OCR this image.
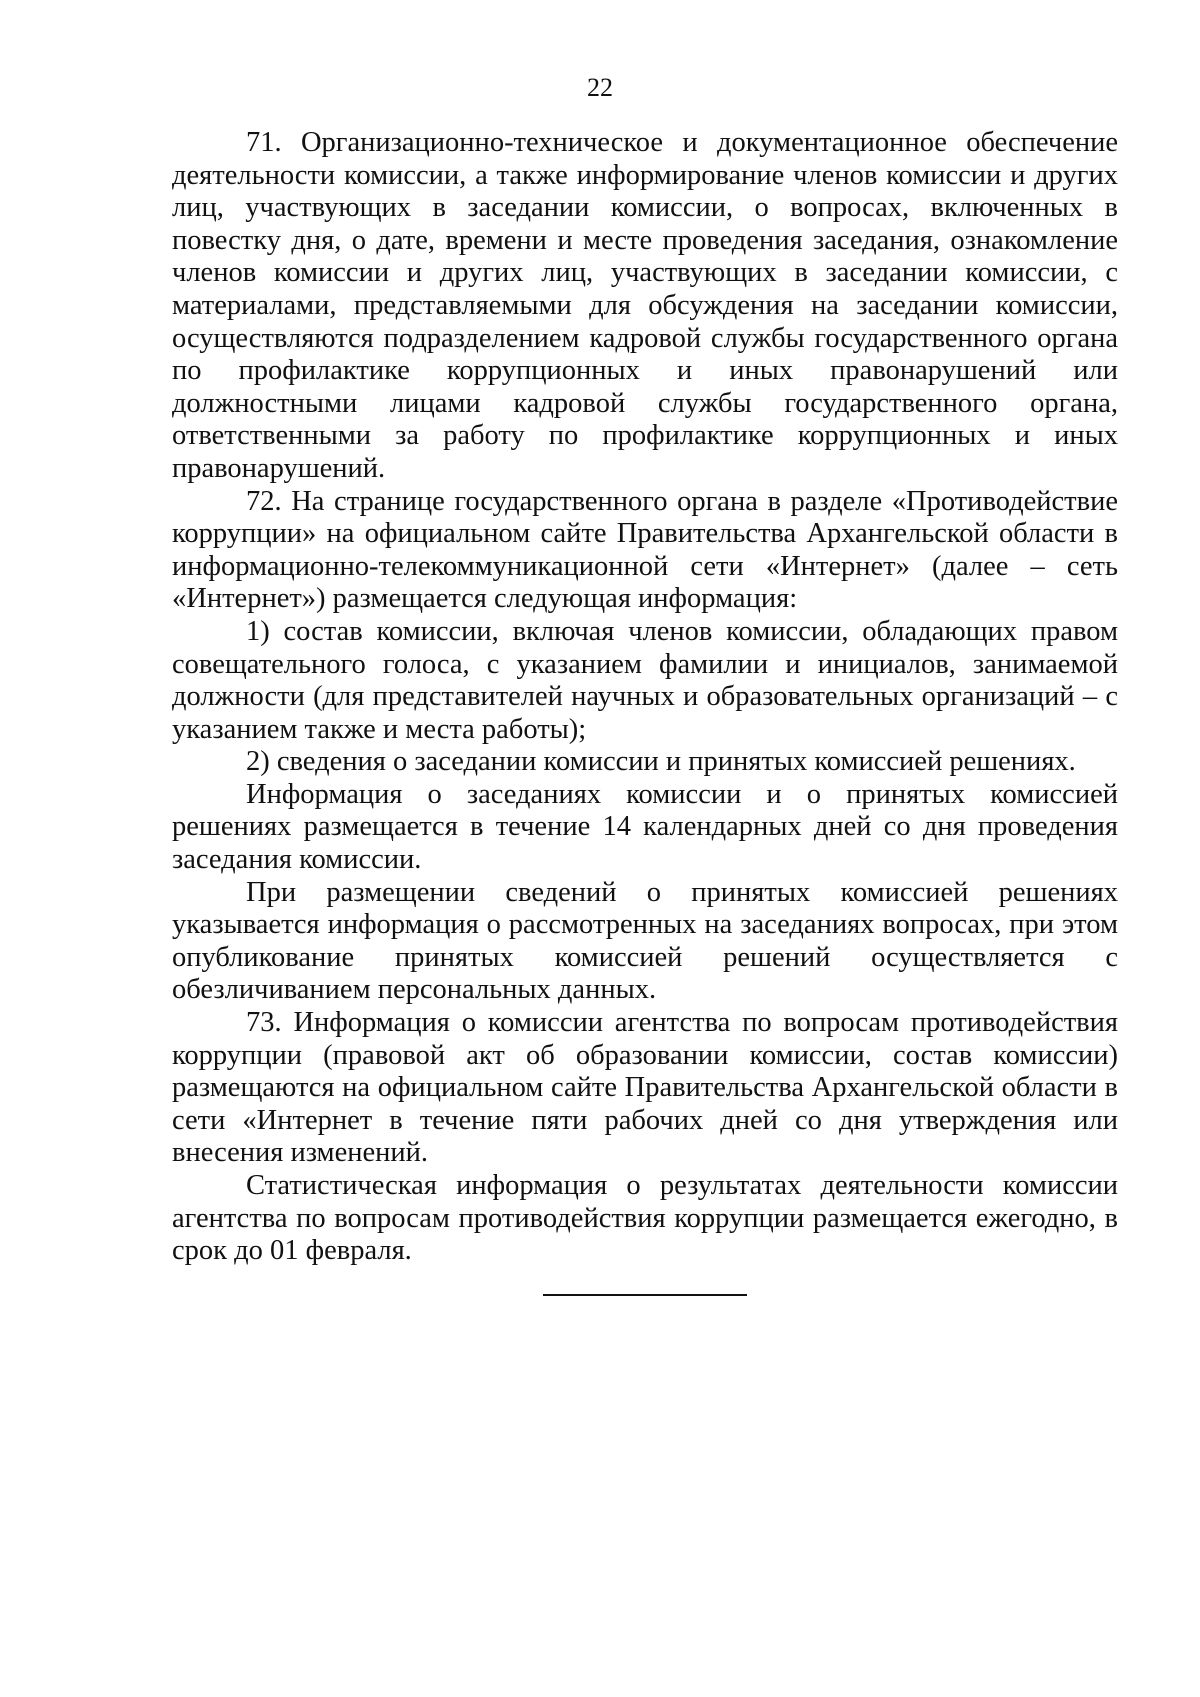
22

71. Организационно-техническое и документационное обеспечение деятельности комиссии, а также информирование членов комиссии и других лиц, участвующих в заседании комиссии, о вопросах, включенных в повестку дня, о дате, времени и месте проведения заседания, ознакомление членов комиссии и других лиц, участвующих в заседании комиссии, с материалами, представляемыми для обсуждения на заседании комиссии, осуществляются подразделением кадровой службы государственного органа по профилактике коррупционных и иных правонарушений или должностными лицами кадровой службы государственного органа, ответственными за работу по профилактике коррупционных и иных правонарушений.

72. На странице государственного органа в разделе «Противодействие коррупции» на официальном сайте Правительства Архангельской области в информационно-телекоммуникационной сети «Интернет» (далее – сеть «Интернет») размещается следующая информация:

1) состав комиссии, включая членов комиссии, обладающих правом совещательного голоса, с указанием фамилии и инициалов, занимаемой должности (для представителей научных и образовательных организаций – с указанием также и места работы);

2) сведения о заседании комиссии и принятых комиссией решениях.

Информация о заседаниях комиссии и о принятых комиссией решениях размещается в течение 14 календарных дней со дня проведения заседания комиссии.

При размещении сведений о принятых комиссией решениях указывается информация о рассмотренных на заседаниях вопросах, при этом опубликование принятых комиссией решений осуществляется с обезличиванием персональных данных.

73. Информация о комиссии агентства по вопросам противодействия коррупции (правовой акт об образовании комиссии, состав комиссии) размещаются на официальном сайте Правительства Архангельской области в сети «Интернет в течение пяти рабочих дней со дня утверждения или внесения изменений.

Статистическая информация о результатах деятельности комиссии агентства по вопросам противодействия коррупции размещается ежегодно, в срок до 01 февраля.
